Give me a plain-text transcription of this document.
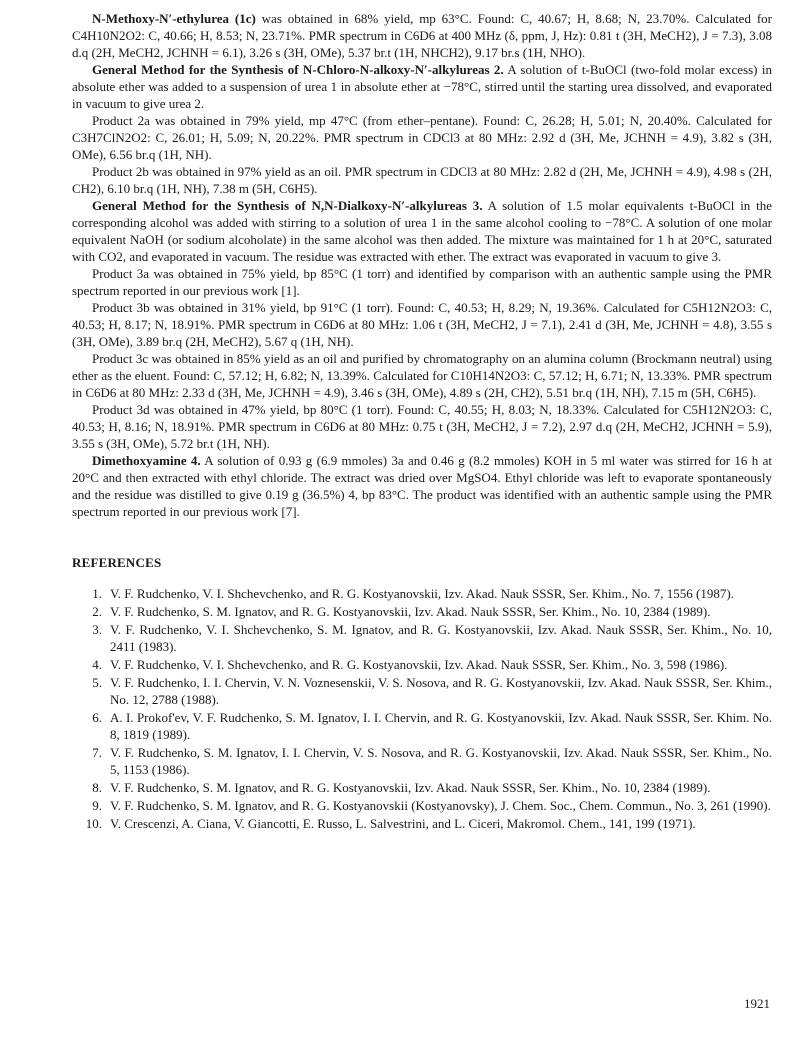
N-Methoxy-N′-ethylurea (1c) was obtained in 68% yield, mp 63°C. Found: C, 40.67; H, 8.68; N, 23.70%. Calculated for C4H10N2O2: C, 40.66; H, 8.53; N, 23.71%. PMR spectrum in C6D6 at 400 MHz (δ, ppm, J, Hz): 0.81 t (3H, MeCH2), J = 7.3), 3.08 d.q (2H, MeCH2, JCHNH = 6.1), 3.26 s (3H, OMe), 5.37 br.t (1H, NHCH2), 9.17 br.s (1H, NHO).

General Method for the Synthesis of N-Chloro-N-alkoxy-N′-alkylureas 2. A solution of t-BuOCl (two-fold molar excess) in absolute ether was added to a suspension of urea 1 in absolute ether at −78°C, stirred until the starting urea dissolved, and evaporated in vacuum to give urea 2.

Product 2a was obtained in 79% yield, mp 47°C (from ether–pentane). Found: C, 26.28; H, 5.01; N, 20.40%. Calculated for C3H7ClN2O2: C, 26.01; H, 5.09; N, 20.22%. PMR spectrum in CDCl3 at 80 MHz: 2.92 d (3H, Me, JCHNH = 4.9), 3.82 s (3H, OMe), 6.56 br.q (1H, NH).

Product 2b was obtained in 97% yield as an oil. PMR spectrum in CDCl3 at 80 MHz: 2.82 d (2H, Me, JCHNH = 4.9), 4.98 s (2H, CH2), 6.10 br.q (1H, NH), 7.38 m (5H, C6H5).

General Method for the Synthesis of N,N-Dialkoxy-N′-alkylureas 3. A solution of 1.5 molar equivalents t-BuOCl in the corresponding alcohol was added with stirring to a solution of urea 1 in the same alcohol cooling to −78°C. A solution of one molar equivalent NaOH (or sodium alcoholate) in the same alcohol was then added. The mixture was maintained for 1 h at 20°C, saturated with CO2, and evaporated in vacuum. The residue was extracted with ether. The extract was evaporated in vacuum to give 3.

Product 3a was obtained in 75% yield, bp 85°C (1 torr) and identified by comparison with an authentic sample using the PMR spectrum reported in our previous work [1].

Product 3b was obtained in 31% yield, bp 91°C (1 torr). Found: C, 40.53; H, 8.29; N, 19.36%. Calculated for C5H12N2O3: C, 40.53; H, 8.17; N, 18.91%. PMR spectrum in C6D6 at 80 MHz: 1.06 t (3H, MeCH2, J = 7.1), 2.41 d (3H, Me, JCHNH = 4.8), 3.55 s (3H, OMe), 3.89 br.q (2H, MeCH2), 5.67 q (1H, NH).

Product 3c was obtained in 85% yield as an oil and purified by chromatography on an alumina column (Brockmann neutral) using ether as the eluent. Found: C, 57.12; H, 6.82; N, 13.39%. Calculated for C10H14N2O3: C, 57.12; H, 6.71; N, 13.33%. PMR spectrum in C6D6 at 80 MHz: 2.33 d (3H, Me, JCHNH = 4.9), 3.46 s (3H, OMe), 4.89 s (2H, CH2), 5.51 br.q (1H, NH), 7.15 m (5H, C6H5).

Product 3d was obtained in 47% yield, bp 80°C (1 torr). Found: C, 40.55; H, 8.03; N, 18.33%. Calculated for C5H12N2O3: C, 40.53; H, 8.16; N, 18.91%. PMR spectrum in C6D6 at 80 MHz: 0.75 t (3H, MeCH2, J = 7.2), 2.97 d.q (2H, MeCH2, JCHNH = 5.9), 3.55 s (3H, OMe), 5.72 br.t (1H, NH).

Dimethoxyamine 4. A solution of 0.93 g (6.9 mmoles) 3a and 0.46 g (8.2 mmoles) KOH in 5 ml water was stirred for 16 h at 20°C and then extracted with ethyl chloride. The extract was dried over MgSO4. Ethyl chloride was left to evaporate spontaneously and the residue was distilled to give 0.19 g (36.5%) 4, bp 83°C. The product was identified with an authentic sample using the PMR spectrum reported in our previous work [7].

REFERENCES
1. V. F. Rudchenko, V. I. Shchevchenko, and R. G. Kostyanovskii, Izv. Akad. Nauk SSSR, Ser. Khim., No. 7, 1556 (1987).
2. V. F. Rudchenko, S. M. Ignatov, and R. G. Kostyanovskii, Izv. Akad. Nauk SSSR, Ser. Khim., No. 10, 2384 (1989).
3. V. F. Rudchenko, V. I. Shchevchenko, S. M. Ignatov, and R. G. Kostyanovskii, Izv. Akad. Nauk SSSR, Ser. Khim., No. 10, 2411 (1983).
4. V. F. Rudchenko, V. I. Shchevchenko, and R. G. Kostyanovskii, Izv. Akad. Nauk SSSR, Ser. Khim., No. 3, 598 (1986).
5. V. F. Rudchenko, I. I. Chervin, V. N. Voznesenskii, V. S. Nosova, and R. G. Kostyanovskii, Izv. Akad. Nauk SSSR, Ser. Khim., No. 12, 2788 (1988).
6. A. I. Prokof'ev, V. F. Rudchenko, S. M. Ignatov, I. I. Chervin, and R. G. Kostyanovskii, Izv. Akad. Nauk SSSR, Ser. Khim. No. 8, 1819 (1989).
7. V. F. Rudchenko, S. M. Ignatov, I. I. Chervin, V. S. Nosova, and R. G. Kostyanovskii, Izv. Akad. Nauk SSSR, Ser. Khim., No. 5, 1153 (1986).
8. V. F. Rudchenko, S. M. Ignatov, and R. G. Kostyanovskii, Izv. Akad. Nauk SSSR, Ser. Khim., No. 10, 2384 (1989).
9. V. F. Rudchenko, S. M. Ignatov, and R. G. Kostyanovskii (Kostyanovsky), J. Chem. Soc., Chem. Commun., No. 3, 261 (1990).
10. V. Crescenzi, A. Ciana, V. Giancotti, E. Russo, L. Salvestrini, and L. Ciceri, Makromol. Chem., 141, 199 (1971).
1921
